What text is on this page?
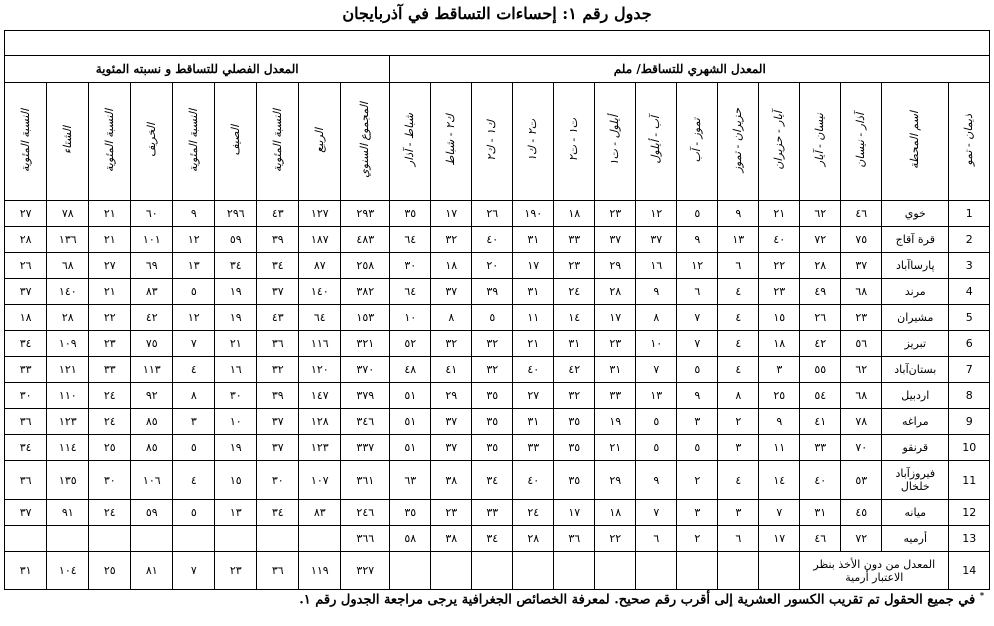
جدول رقم ١: إحساءات التساقط في آذربايجان

المعدل الشهري للتساقط/ ملم														المعدل الفصلي للتساقط و نسبته المئوية								
ذيمان - تمو	اسم المحطة	آذار - نيسان	نيسان - آيار	آيار - حزيران	حزيران - تموز	تموز - آب	آب - أيلول	أيلول - ت١	ت١ - ت٢	ت٢ - ك١	ك١ - ك٢	ك٢ - شباط	شباط - آذار	المجموع السنوي	الربيع	النسبة المئوية	الصيف	النسبة المئوية	الخريف	النسبة المئوية	الشتاء	النسبة المئوية
1	خوي	٤٦	٦٢	٢١	٩	٥	١٢	٢٣	١٨	١٩٠	٢٦	١٧	٣٥	٢٩٣	١٢٧	٤٣	٢٩٦	٩	٦٠	٢١	٧٨	٢٧
2	قرة آقاج	٧٥	٧٢	٤٠	١٣	٩	٣٧	٣٧	٣٣	٣١	٤٠	٣٢	٦٤	٤٨٣	١٨٧	٣٩	٥٩	١٢	١٠١	٢١	١٣٦	٢٨
3	پارساآباد	٣٧	٢٨	٢٢	٦	١٢	١٦	٢٩	٢٣	١٧	٢٠	١٨	٣٠	٢٥٨	٨٧	٣٤	٣٤	١٣	٦٩	٢٧	٦٨	٢٦
4	مرند	٦٨	٤٩	٢٣	٤	٦	٩	٢٨	٢٤	٣١	٣٩	٣٧	٦٤	٣٨٢	١٤٠	٣٧	١٩	٥	٨٣	٢١	١٤٠	٣٧
5	مشيران	٢٣	٢٦	١٥	٤	٧	٨	١٧	١٤	١١	٥	٨	١٠	١٥٣	٦٤	٤٣	١٩	١٢	٤٢	٢٢	٢٨	١٨
6	تبريز	٥٦	٤٢	١٨	٤	٧	١٠	٢٣	٣١	٢١	٣٢	٣٢	٥٢	٣٢١	١١٦	٣٦	٢١	٧	٧٥	٢٣	١٠٩	٣٤
7	بستان‌آباد	٦٢	٥٥	٣	٤	٥	٧	٣١	٤٢	٤٠	٣٢	٤١	٤٨	٣٧٠	١٢٠	٣٢	١٦	٤	١١٣	٣٣	١٢١	٣٣
8	اردبيل	٦٨	٥٤	٢٥	٨	٩	١٣	٣٣	٣٢	٢٧	٣٥	٢٩	٥١	٣٧٩	١٤٧	٣٩	٣٠	٨	٩٢	٢٤	١١٠	٣٠
9	مراغه	٧٨	٤١	٩	٢	٣	٥	١٩	٣٥	٣١	٣٥	٣٧	٥١	٣٤٦	١٢٨	٣٧	١٠	٣	٨٥	٢٤	١٢٣	٣٦
10	قرنقو	٧٠	٣٣	١١	٣	٥	٥	٢١	٣٥	٣٣	٣٥	٣٧	٥١	٣٣٧	١٢٣	٣٧	١٩	٥	٨٥	٢٥	١١٤	٣٤
11	فيروزآباد خلخال	٥٣	٤٠	١٤	٤	٢	٩	٢٩	٣٥	٤٠	٣٤	٣٨	٦٣	٣٦١	١٠٧	٣٠	١٥	٤	١٠٦	٣٠	١٣٥	٣٦
12	ميانه	٤٥	٣١	٧	٣	٣	٧	١٨	١٧	٢٤	٣٣	٢٣	٣٥	٢٤٦	٨٣	٣٤	١٣	٥	٥٩	٢٤	٩١	٣٧
13	أرميه	٧٢	٤٦	١٧	٦	٢	٦	٢٢	٣٦	٢٨	٣٤	٣٨	٥٨	٣٦٦								
14	المعدل من دون الأخذ بنظر الاعتبار أرمية													٣٢٧	١١٩	٣٦	٢٣	٧	٨١	٢٥	١٠٤	٣١
* في جميع الحقول تم تقريب الكسور العشرية إلى أقرب رقم صحيح. لمعرفة الخصائص الجغرافية يرجى مراجعة الجدول رقم ١.
